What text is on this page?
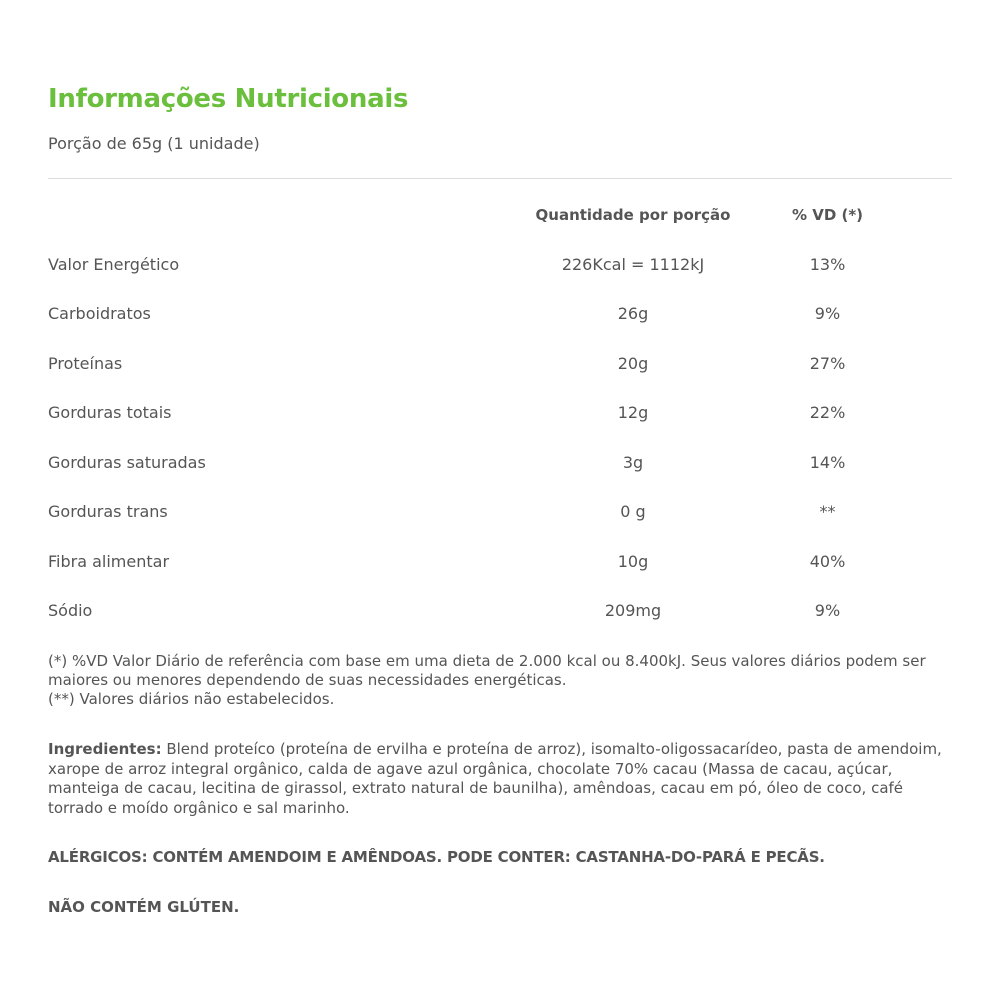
Informações Nutricionais
Porção de 65g (1 unidade)
	Quantidade por porção	% VD (*)
Valor Energético	226Kcal = 1112kJ	13%
Carboidratos	26g	9%
Proteínas	20g	27%
Gorduras totais	12g	22%
Gorduras saturadas	3g	14%
Gorduras trans	0 g	**
Fibra alimentar	10g	40%
Sódio	209mg	9%

(*) %VD Valor Diário de referência com base em uma dieta de 2.000 kcal ou 8.400kJ. Seus valores diários podem ser maiores ou menores dependendo de suas necessidades energéticas.

(**) Valores diários não estabelecidos.

Ingredientes: Blend proteíco (proteína de ervilha e proteína de arroz), isomalto-oligossacarídeo, pasta de amendoim, xarope de arroz integral orgânico, calda de agave azul orgânica, chocolate 70% cacau (Massa de cacau, açúcar, manteiga de cacau, lecitina de girassol, extrato natural de baunilha), amêndoas, cacau em pó, óleo de coco, café torrado e moído orgânico e sal marinho.

ALÉRGICOS: CONTÉM AMENDOIM E AMÊNDOAS. PODE CONTER: CASTANHA-DO-PARÁ E PECÃS.

NÃO CONTÉM GLÚTEN.
